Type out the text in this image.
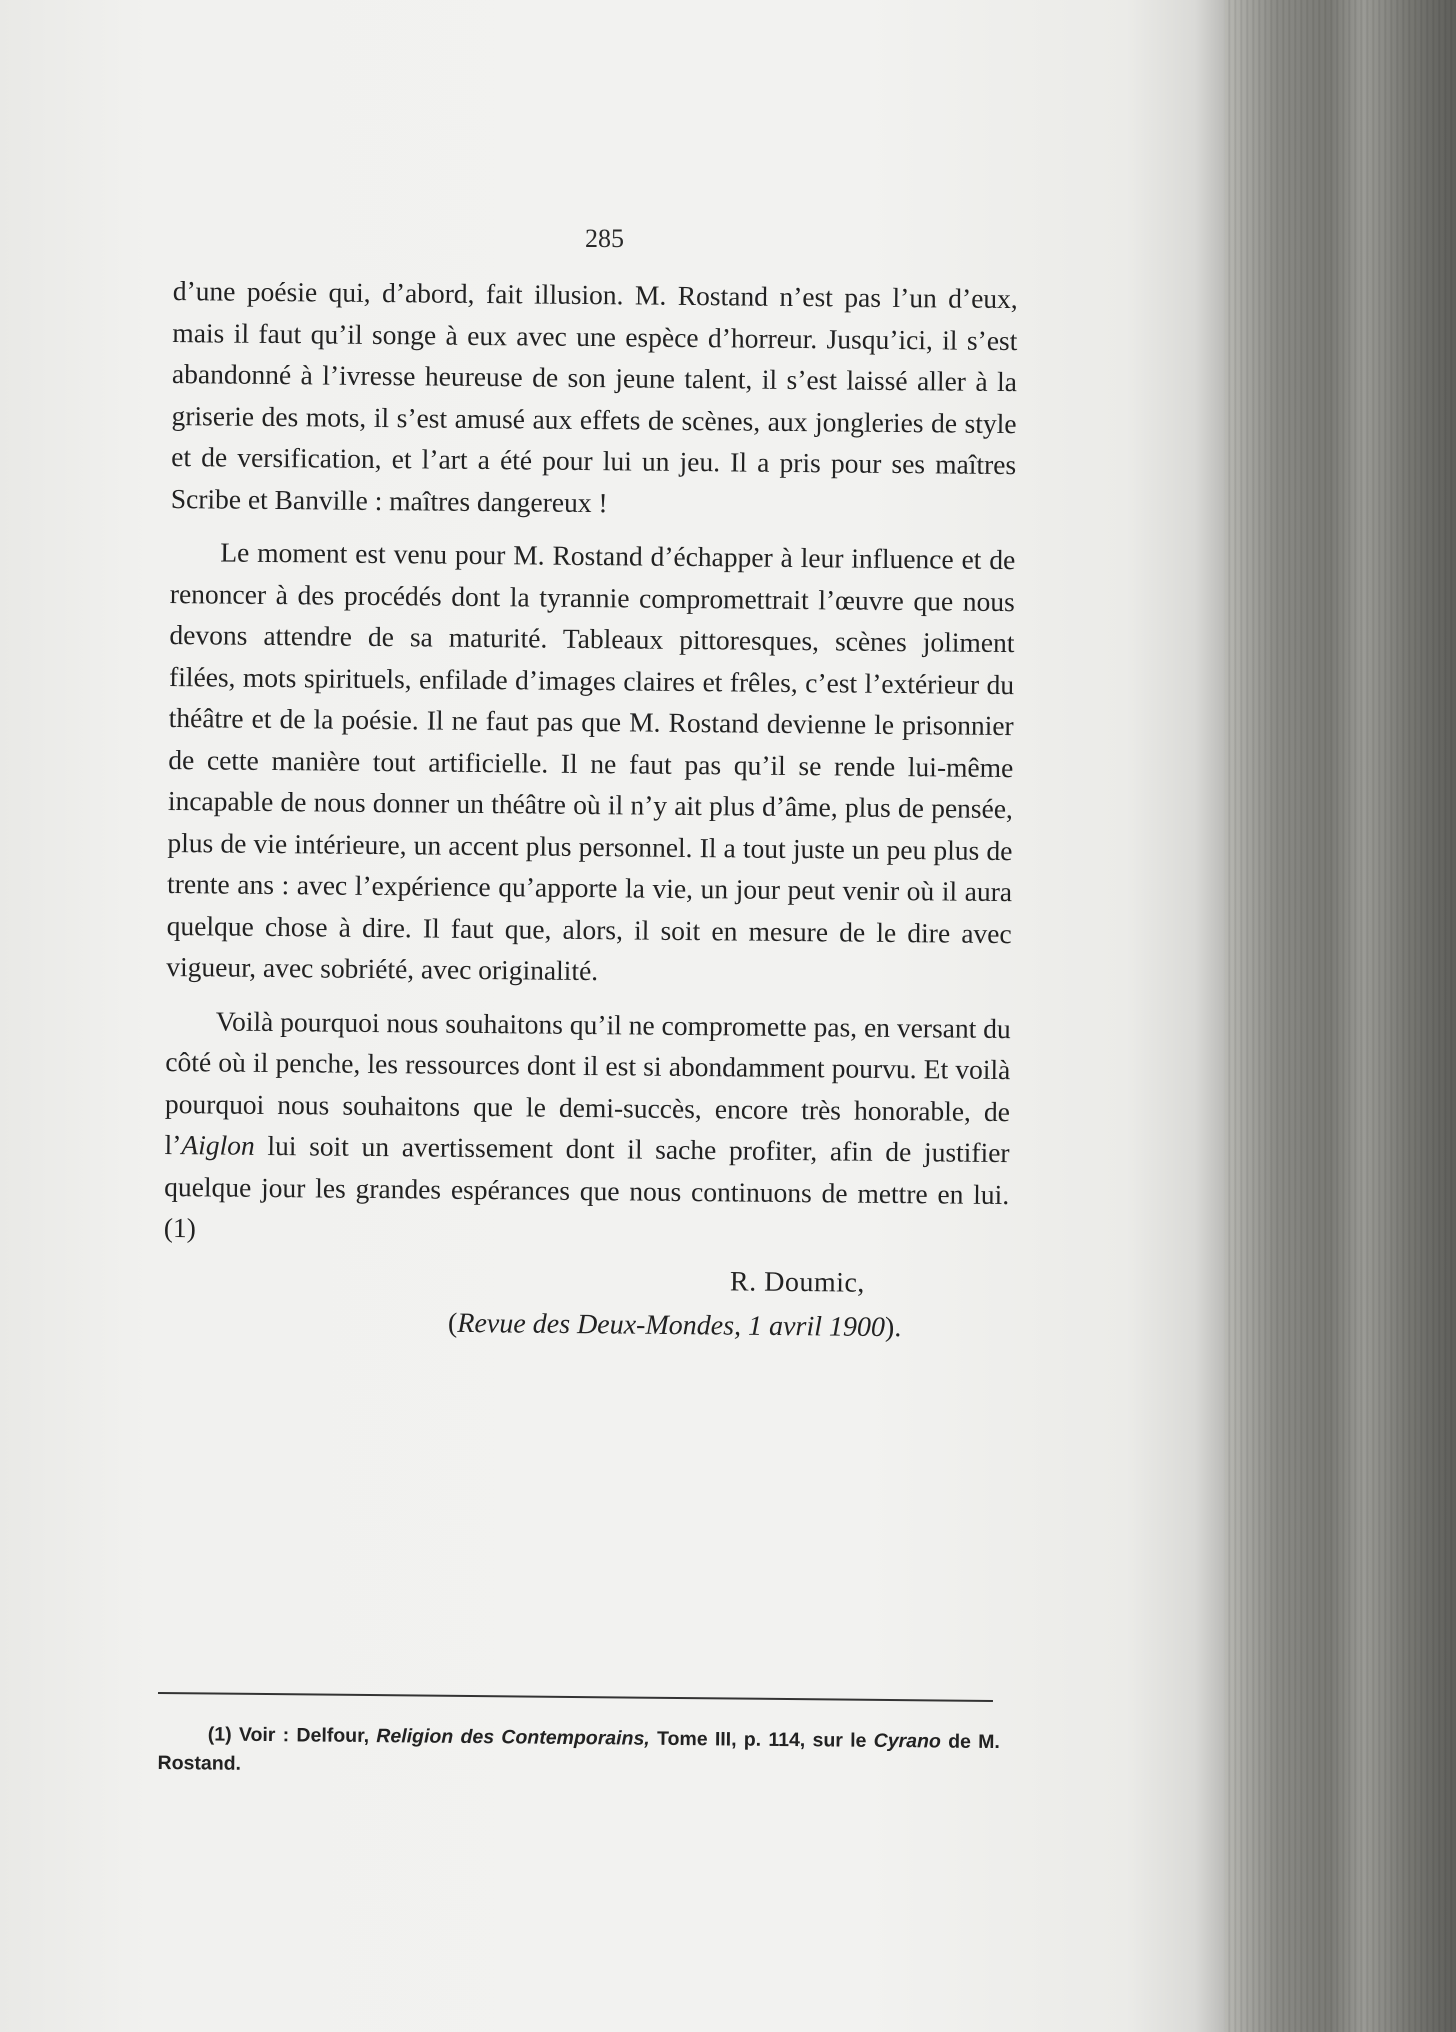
285

d’une poésie qui, d’abord, fait illusion. M. Rostand n’est pas l’un d’eux, mais il faut qu’il songe à eux avec une espèce d’horreur. Jusqu’ici, il s’est abandonné à l’ivresse heureuse de son jeune talent, il s’est laissé aller à la griserie des mots, il s’est amusé aux effets de scènes, aux jongleries de style et de versification, et l’art a été pour lui un jeu. Il a pris pour ses maîtres Scribe et Banville : maîtres dangereux !

Le moment est venu pour M. Rostand d’échapper à leur influence et de renoncer à des procédés dont la tyrannie compromettrait l’œuvre que nous devons attendre de sa maturité. Tableaux pittoresques, scènes joliment filées, mots spirituels, enfilade d’images claires et frêles, c’est l’extérieur du théâtre et de la poésie. Il ne faut pas que M. Rostand devienne le prisonnier de cette manière tout artificielle. Il ne faut pas qu’il se rende lui-même incapable de nous donner un théâtre où il n’y ait plus d’âme, plus de pensée, plus de vie intérieure, un accent plus personnel. Il a tout juste un peu plus de trente ans : avec l’expérience qu’apporte la vie, un jour peut venir où il aura quelque chose à dire. Il faut que, alors, il soit en mesure de le dire avec vigueur, avec sobriété, avec originalité.

Voilà pourquoi nous souhaitons qu’il ne compromette pas, en versant du côté où il penche, les ressources dont il est si abondamment pourvu. Et voilà pourquoi nous souhaitons que le demi-succès, encore très honorable, de l’Aiglon lui soit un avertissement dont il sache profiter, afin de justifier quelque jour les grandes espérances que nous continuons de mettre en lui. (1)

R. Doumic,
(Revue des Deux-Mondes, 1 avril 1900).
(1) Voir : Delfour, Religion des Contemporains, Tome III, p. 114, sur le Cyrano de M. Rostand.
